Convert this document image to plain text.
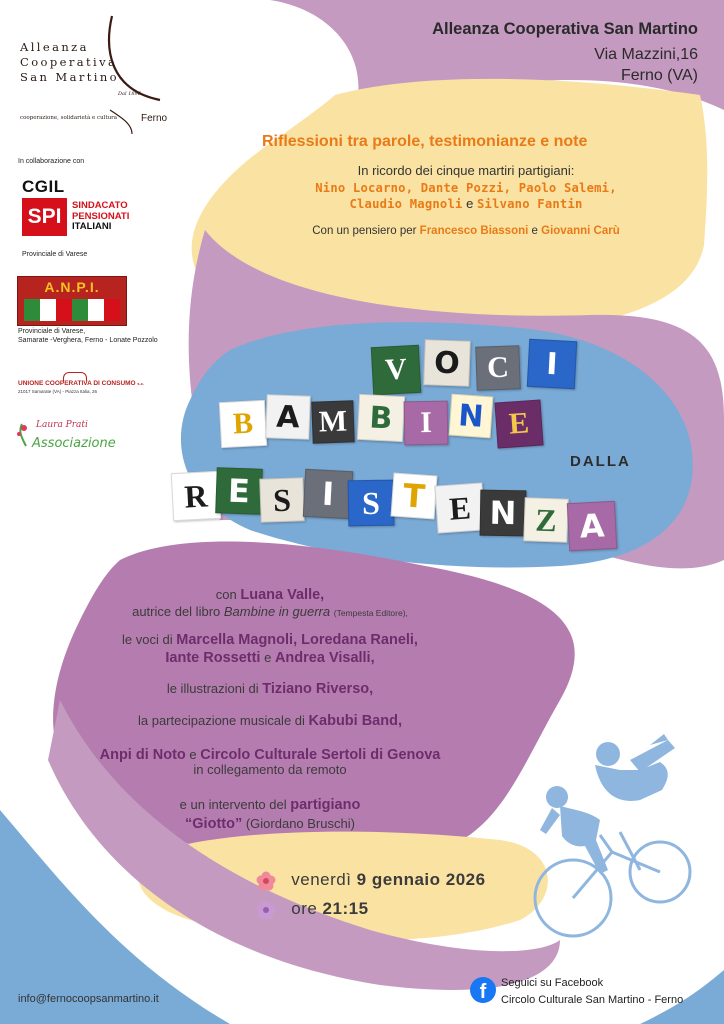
Alleanza
Cooperativa
San Martino
Dal 1896
cooperazione, solidarietà e cultura Ferno
Alleanza Cooperativa San Martino
Via Mazzini,16
Ferno (VA)
In collaborazione con
CGIL
SPI	SINDACATO
PENSIONATI
ITALIANI
Provinciale di Varese
A.N.P.I.
Provinciale di Varese,
Samarate -Verghera, Ferno - Lonate Pozzolo
UNIONE COOPERATIVA DI CONSUMO s.c.
21017 Samarate (VA) - Piazza Italia, 26
Laura Prati
Associazione
Riflessioni tra parole, testimonianze e note
In ricordo dei cinque martiri partigiani:
Nino Locarno, Dante Pozzi, Paolo Salemi,
Claudio Magnoli e Silvano Fantin
Con un pensiero per Francesco Biassoni e Giovanni Carù
V O C	I
B A M B I N E
R E S I S T E N Z A
DALLA
con Luana Valle,
autrice del libro Bambine in guerra (Tempesta Editore),
le voci di Marcella Magnoli, Loredana Raneli,
Iante Rossetti e Andrea Visalli,
le illustrazioni di Tiziano Riverso,
la partecipazione musicale di Kabubi Band,
Anpi di Noto e Circolo Culturale Sertoli di Genova
in collegamento da remoto
e un intervento del partigiano
“Giotto” (Giordano Bruschi)
venerdì 9 gennaio 2026
ore 21:15
info@fernocoopsanmartino.it	f	Seguici su Facebook
Circolo Culturale San Martino - Ferno
